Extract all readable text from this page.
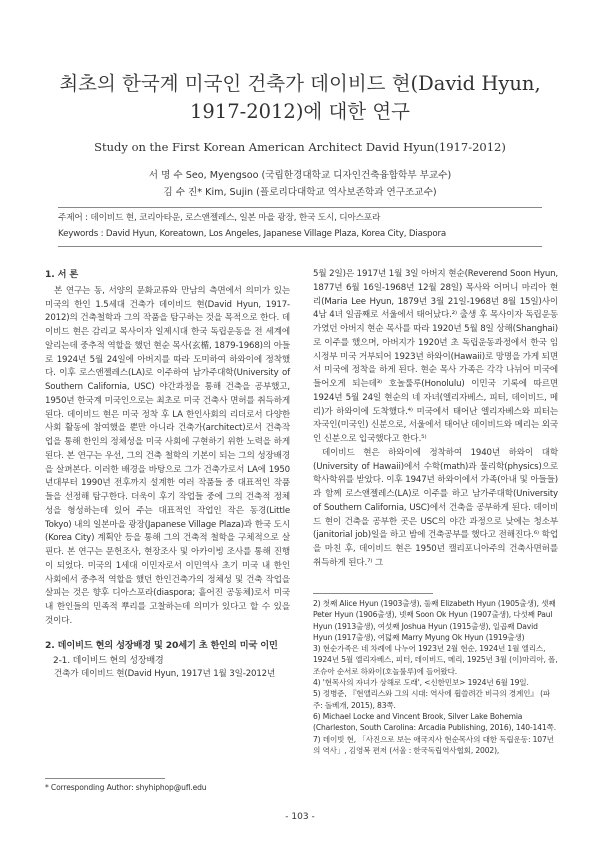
최초의 한국계 미국인 건축가 데이비드 현(David Hyun,
1917-2012)에 대한 연구
Study on the First Korean American Architect David Hyun(1917-2012)
서 명 수 Seo, Myengsoo (국립한경대학교 디자인건축융합학부 부교수)
김 수 진* Kim, Sujin (플로리다대학교 역사보존학과 연구조교수)
주제어 : 데이비드 현, 코리아타운, 로스앤젤레스, 일본 마을 광장, 한국 도시, 디아스포라
Keywords : David Hyun, Koreatown, Los Angeles, Japanese Village Plaza, Korea City, Diaspora
1. 서 론

본 연구는 동, 서양의 문화교류와 만남의 측면에서 의미가 있는 미국의 한인 1.5세대 건축가 데이비드 현(David Hyun, 1917-2012)의 건축철학과 그의 작품을 탐구하는 것을 목적으로 한다. 데이비드 현은 감리교 목사이자 일제시대 한국 독립운동을 전 세계에 알리는데 중추적 역할을 했던 현순 목사(玄楯, 1879-1968)의 아들로 1924년 5월 24일에 아버지를 따라 도미하여 하와이에 정착했다. 이후 로스앤젤레스(LA)로 이주하여 남가주대학(University of Southern California, USC) 야간과정을 통해 건축을 공부했고, 1950년 한국계 미국인으로는 최초로 미국 건축사 면허를 취득하게 된다. 데이비드 현은 미국 정착 후 LA 한인사회의 리더로서 다양한 사회 활동에 참여했을 뿐만 아니라 건축가(architect)로서 건축작업을 통해 한인의 정체성을 미국 사회에 구현하기 위한 노력을 하게 된다. 본 연구는 우선, 그의 건축 철학의 기본이 되는 그의 성장배경을 살펴본다. 이러한 배경을 바탕으로 그가 건축가로서 LA에 1950년대부터 1990년 전후까지 설계한 여러 작품들 중 대표적인 작품들을 선정해 탐구한다. 더욱이 후기 작업들 중에 그의 건축적 정체성을 형성하는데 있어 주는 대표적인 작업인 작은 동경(Little Tokyo) 내의 일본마을 광장(Japanese Village Plaza)과 한국 도시(Korea City) 계획안 등을 통해 그의 건축적 철학을 구체적으로 살핀다. 본 연구는 문헌조사, 현장조사 및 아카이빙 조사를 통해 진행이 되었다. 미국의 1세대 이민자로서 이민역사 초기 미국 내 한인 사회에서 중추적 역할을 했던 한인건축가의 정체성 및 건축 작업을 살피는 것은 향후 디아스포라(diaspora; 흩어진 공동체)로서 미국내 한인들의 민족적 뿌리를 고찰하는데 의미가 있다고 할 수 있을 것이다.

2. 데이비드 현의 성장배경 및 20세기 초 한인의 미국 이민
2-1. 데이비드 현의 성장배경

건축가 데이비드 현(David Hyun, 1917년 1월 3일-2012년

5월 2일)은 1917년 1월 3일 아버지 현순(Reverend Soon Hyun, 1877년 6월 16일-1968년 12월 28일) 목사와 어머니 마리아 현리(Maria Lee Hyun, 1879년 3월 21일-1968년 8월 15일)사이 4남 4녀 일곱째로 서울에서 태어났다.²⁾ 출생 후 목사이자 독립운동가였던 아버지 현순 목사를 따라 1920년 5월 8일 상해(Shanghai)로 이주를 했으며, 아버지가 1920년 초 독립운동과정에서 한국 임시정부 미국 거부되어 1923년 하와이(Hawaii)로 망명을 가게 되면서 미국에 정착을 하게 된다. 현순 목사 가족은 각각 나뉘어 미국에 들어오게 되는데³⁾ 호놀룰루(Honolulu) 이민국 기록에 따르면 1924년 5월 24일 현순의 네 자녀(엘리자베스, 피터, 데이비드, 메리)가 하와이에 도착했다.⁴⁾ 미국에서 태어난 엘리자베스와 피터는 자국인(미국인) 신분으로, 서울에서 태어난 데이비드와 메리는 외국인 신분으로 입국했다고 한다.⁵⁾

데이비드 현은 하와이에 정착하여 1940년 하와이 대학(University of Hawaii)에서 수학(math)과 물리학(physics)으로 학사학위를 받았다. 이후 1947년 하와이에서 가족(아내 및 아들들)과 함께 로스앤젤레스(LA)로 이주를 하고 남가주대학(University of Southern California, USC)에서 건축을 공부하게 된다. 데이비드 현이 건축을 공부한 곳은 USC의 야간 과정으로 낮에는 청소부(janitorial job)일을 하고 밤에 건축공부를 했다고 전해진다.⁶⁾ 학업을 마친 후, 데이비드 현은 1950년 캘리포니아주의 건축사면허를 취득하게 된다.⁷⁾ 그

2) 첫째 Alice Hyun (1903출생), 둘째 Elizabeth Hyun (1905출생), 셋째 Peter Hyun (1906출생), 넷째 Soon Ok Hyun (1907출생), 다섯째 Paul Hyun (1913출생), 여섯째 Joshua Hyun (1915출생), 일곱째 David Hyun (1917출생), 여덟째 Marry Myung Ok Hyun (1919출생)
3) 현순가족은 네 차례에 나누어 1923년 2월 현순, 1924년 1월 엘리스, 1924년 5월 엘리자베스, 피터, 데이비드, 메리, 1925년 3월 (이)마리아, 폴, 조슈아 순서로 하와이(호놀룰루)에 들어왔다.
4) '현목사의 자녀가 상해로 도래', <신한민보> 1924년 6월 19일.
5) 정병준, 『현앨리스와 그의 시대: 역사에 휩쓸려간 비극의 경계인』 (파주: 돌베개, 2015), 83쪽.
6) Michael Locke and Vincent Brook, Silver Lake Bohemia (Charleston, South Carolina: Arcadia Publishing, 2016), 140-141쪽.
7) 데이빗 현, 「사진으로 보는 애국지사 현순목사의 대한 독립운동: 107년의 역사」, 김영복 편저 (서울 : 한국독립역사협회, 2002),
* Corresponding Author: shyhiphop@ufl.edu
- 103 -
